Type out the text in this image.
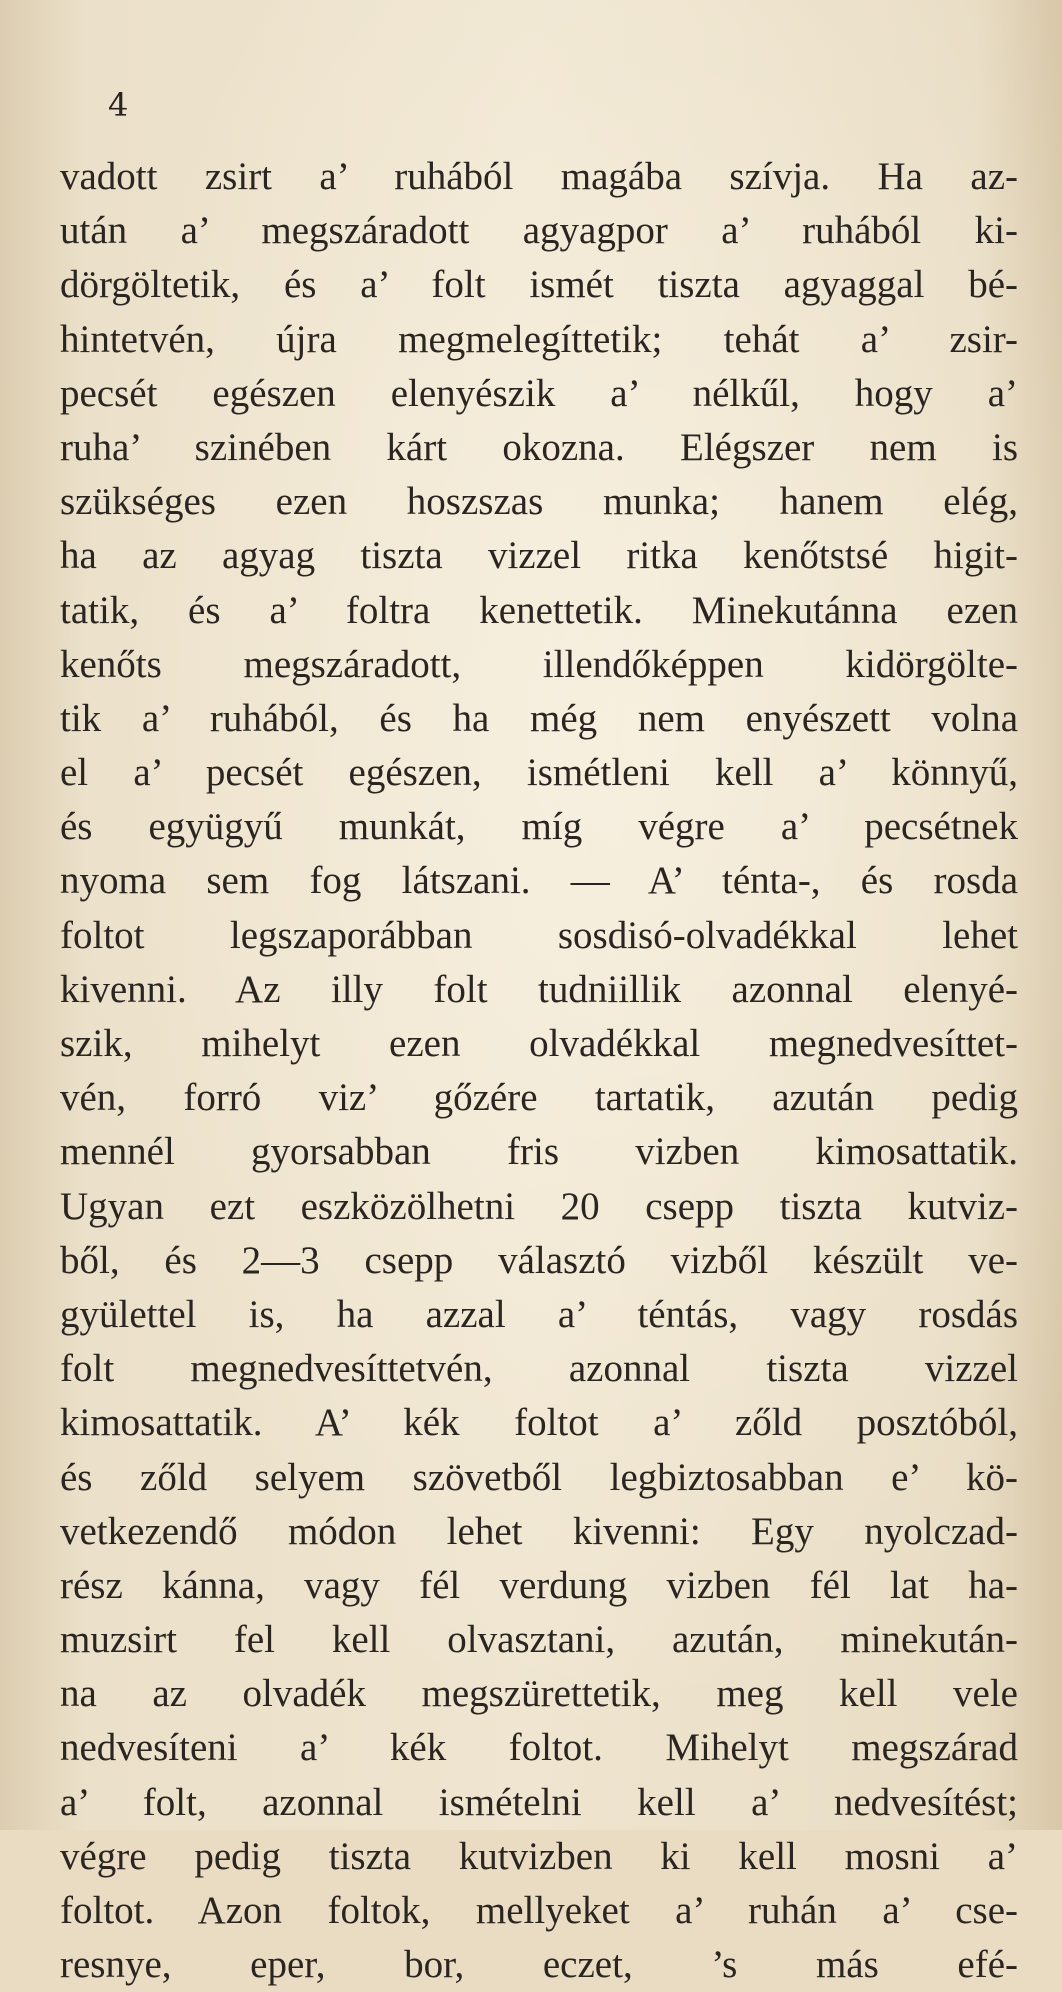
4
vadott zsirt a’ ruhából magába szívja. Ha az-
után a’ megszáradott agyagpor a’ ruhából ki-
dörgöltetik, és a’ folt ismét tiszta agyaggal bé-
hintetvén, újra megmelegíttetik; tehát a’ zsir-
pecsét egészen elenyészik a’ nélkűl, hogy a’
ruha’ szinében kárt okozna. Elégszer nem is
szükséges ezen hoszszas munka; hanem elég,
ha az agyag tiszta vizzel ritka kenőtstsé higit-
tatik, és a’ foltra kenettetik. Minekutánna ezen
kenőts megszáradott, illendőképpen kidörgölte-
tik a’ ruhából, és ha még nem enyészett volna
el a’ pecsét egészen, ismétleni kell a’ könnyű,
és együgyű munkát, míg végre a’ pecsétnek
nyoma sem fog látszani. — A’ ténta-, és rosda
foltot legszaporábban sosdisó-olvadékkal lehet
kivenni. Az illy folt tudniillik azonnal elenyé-
szik, mihelyt ezen olvadékkal megnedvesíttet-
vén, forró viz’ gőzére tartatik, azután pedig
mennél gyorsabban fris vizben kimosattatik.
Ugyan ezt eszközölhetni 20 csepp tiszta kutviz-
ből, és 2—3 csepp választó vizből készült ve-
gyülettel is, ha azzal a’ téntás, vagy rosdás
folt megnedvesíttetvén, azonnal tiszta vizzel
kimosattatik. A’ kék foltot a’ zőld posztóból,
és zőld selyem szövetből legbiztosabban e’ kö-
vetkezendő módon lehet kivenni: Egy nyolczad-
rész kánna, vagy fél verdung vizben fél lat ha-
muzsirt fel kell olvasztani, azután, minekután-
na az olvadék megszürettetik, meg kell vele
nedvesíteni a’ kék foltot. Mihelyt megszárad
a’ folt, azonnal ismételni kell a’ nedvesítést;
végre pedig tiszta kutvizben ki kell mosni a’
foltot. Azon foltok, mellyeket a’ ruhán a’ cse-
resnye, eper, bor, eczet, ’s más efé-
